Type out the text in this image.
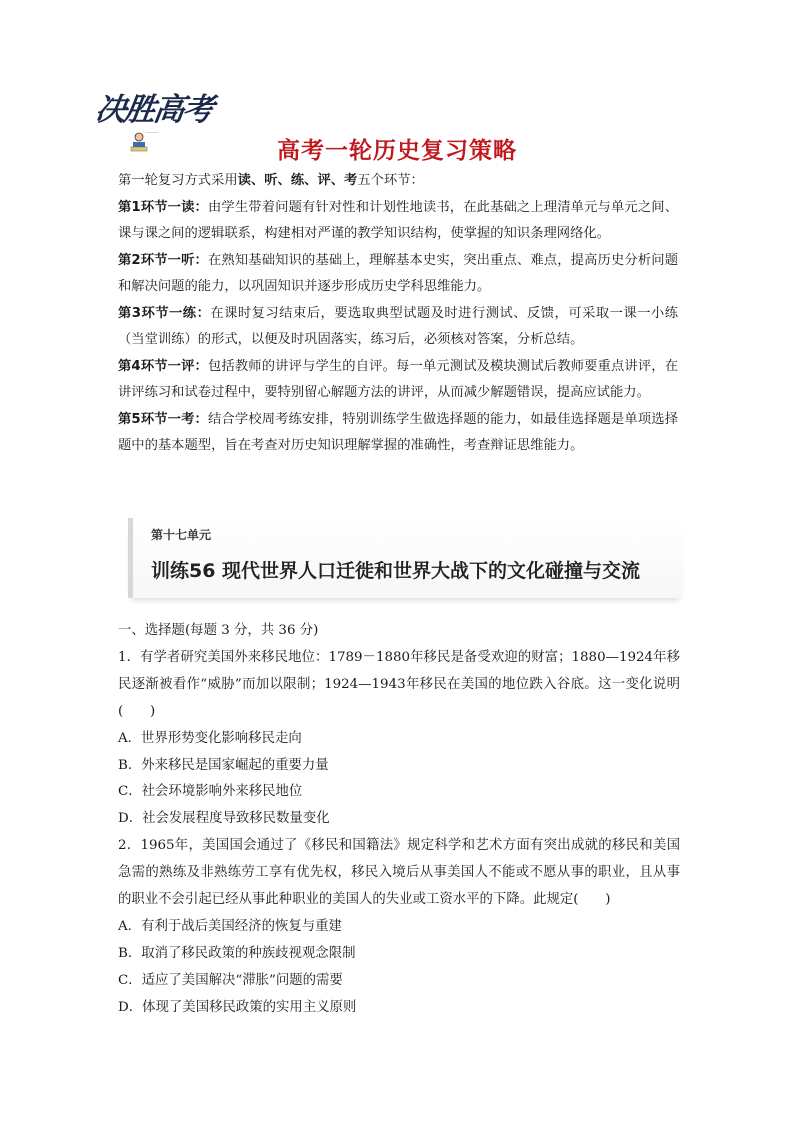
决胜高考
……
高考一轮历史复习策略

第一轮复习方式采用读、听、练、评、考五个环节：

第1环节一读：由学生带着问题有针对性和计划性地读书，在此基础之上理清单元与单元之间、课与课之间的逻辑联系，构建相对严谨的教学知识结构，使掌握的知识条理网络化。

第2环节一听：在熟知基础知识的基础上，理解基本史实，突出重点、难点，提高历史分析问题和解决问题的能力，以巩固知识并逐步形成历史学科思维能力。

第3环节一练：在课时复习结束后，要选取典型试题及时进行测试、反馈，可采取一课一小练（当堂训练）的形式，以便及时巩固落实，练习后，必须核对答案，分析总结。

第4环节一评：包括教师的讲评与学生的自评。每一单元测试及模块测试后教师要重点讲评，在讲评练习和试卷过程中，要特别留心解题方法的讲评，从而减少解题错误，提高应试能力。

第5环节一考：结合学校周考练安排，特别训练学生做选择题的能力，如最佳选择题是单项选择题中的基本题型，旨在考查对历史知识理解掌握的准确性，考查辩证思维能力。

第十七单元
训练56 现代世界人口迁徙和世界大战下的文化碰撞与交流

一、选择题(每题 3 分，共 36 分)

1．有学者研究美国外来移民地位：1789－1880年移民是备受欢迎的财富；1880—1924年移民逐渐被看作“威胁”而加以限制；1924—1943年移民在美国的地位跌入谷底。这一变化说明(　　)

A．世界形势变化影响移民走向

B．外来移民是国家崛起的重要力量

C．社会环境影响外来移民地位

D．社会发展程度导致移民数量变化

2．1965年，美国国会通过了《移民和国籍法》规定科学和艺术方面有突出成就的移民和美国急需的熟练及非熟练劳工享有优先权，移民入境后从事美国人不能或不愿从事的职业，且从事的职业不会引起已经从事此种职业的美国人的失业或工资水平的下降。此规定(　　)

A．有利于战后美国经济的恢复与重建

B．取消了移民政策的种族歧视观念限制

C．适应了美国解决“滞胀”问题的需要

D．体现了美国移民政策的实用主义原则
